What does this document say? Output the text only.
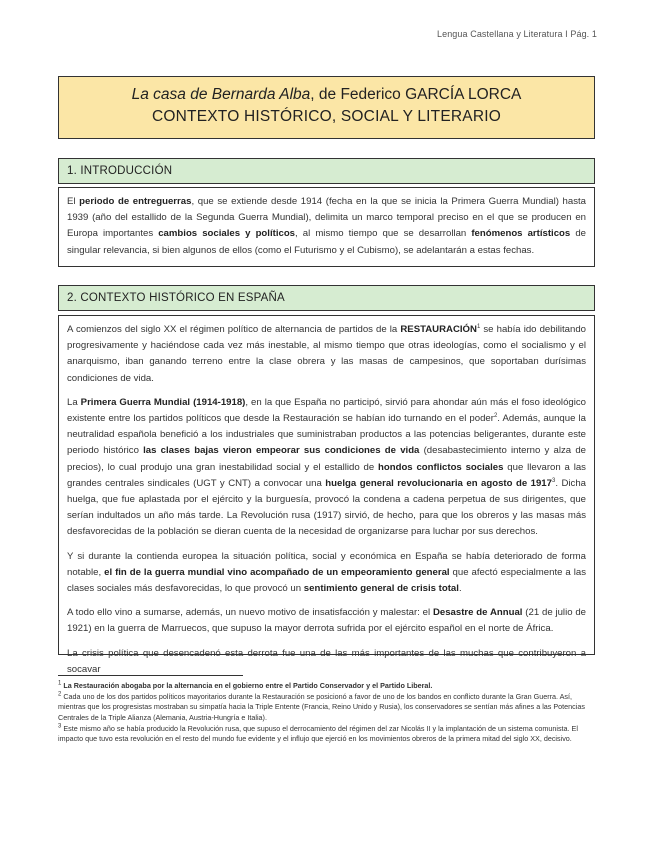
Lengua Castellana y Literatura I Pág. 1
La casa de Bernarda Alba, de Federico GARCÍA LORCA
CONTEXTO HISTÓRICO, SOCIAL Y LITERARIO
1. INTRODUCCIÓN

El periodo de entreguerras, que se extiende desde 1914 (fecha en la que se inicia la Primera Guerra Mundial) hasta 1939 (año del estallido de la Segunda Guerra Mundial), delimita un marco temporal preciso en el que se producen en Europa importantes cambios sociales y políticos, al mismo tiempo que se desarrollan fenómenos artísticos de singular relevancia, si bien algunos de ellos (como el Futurismo y el Cubismo), se adelantarán a estas fechas.

2. CONTEXTO HISTÓRICO EN ESPAÑA

A comienzos del siglo XX el régimen político de alternancia de partidos de la RESTAURACIÓN$^1$ se había ido debilitando progresivamente y haciéndose cada vez más inestable, al mismo tiempo que otras ideologías, como el socialismo y el anarquismo, iban ganando terreno entre la clase obrera y las masas de campesinos, que soportaban durísimas condiciones de vida.

La Primera Guerra Mundial (1914-1918), en la que España no participó, sirvió para ahondar aún más el foso ideológico existente entre los partidos políticos que desde la Restauración se habían ido turnando en el poder$^2$. Además, aunque la neutralidad española benefició a los industriales que suministraban productos a las potencias beligerantes, durante este periodo histórico las clases bajas vieron empeorar sus condiciones de vida (desabastecimiento interno y alza de precios), lo cual produjo una gran inestabilidad social y el estallido de hondos conflictos sociales que llevaron a las grandes centrales sindicales (UGT y CNT) a convocar una huelga general revolucionaria en agosto de 1917$^3$. Dicha huelga, que fue aplastada por el ejército y la burguesía, provocó la condena a cadena perpetua de sus dirigentes, que serían indultados un año más tarde. La Revolución rusa (1917) sirvió, de hecho, para que los obreros y las masas más desfavorecidas de la población se dieran cuenta de la necesidad de organizarse para luchar por sus derechos.

Y si durante la contienda europea la situación política, social y económica en España se había deteriorado de forma notable, el fin de la guerra mundial vino acompañado de un empeoramiento general que afectó especialmente a las clases sociales más desfavorecidas, lo que provocó un sentimiento general de crisis total.

A todo ello vino a sumarse, además, un nuevo motivo de insatisfacción y malestar: el Desastre de Annual (21 de julio de 1921) en la guerra de Marruecos, que supuso la mayor derrota sufrida por el ejército español en el norte de África.

La crisis política que desencadenó esta derrota fue una de las más importantes de las muchas que contribuyeron a socavar

$^1$ La Restauración abogaba por la alternancia en el gobierno entre el Partido Conservador y el Partido Liberal.

$^2$ Cada uno de los dos partidos políticos mayoritarios durante la Restauración se posicionó a favor de uno de los bandos en conflicto durante la Gran Guerra. Así, mientras que los progresistas mostraban su simpatía hacia la Triple Entente (Francia, Reino Unido y Rusia), los conservadores se sentían más afines a las Potencias Centrales de la Triple Alianza (Alemania, Austria-Hungría e Italia).

$^3$ Este mismo año se había producido la Revolución rusa, que supuso el derrocamiento del régimen del zar Nicolás II y la implantación de un sistema comunista. El impacto que tuvo esta revolución en el resto del mundo fue evidente y el influjo que ejerció en los movimientos obreros de la primera mitad del siglo XX, decisivo.
